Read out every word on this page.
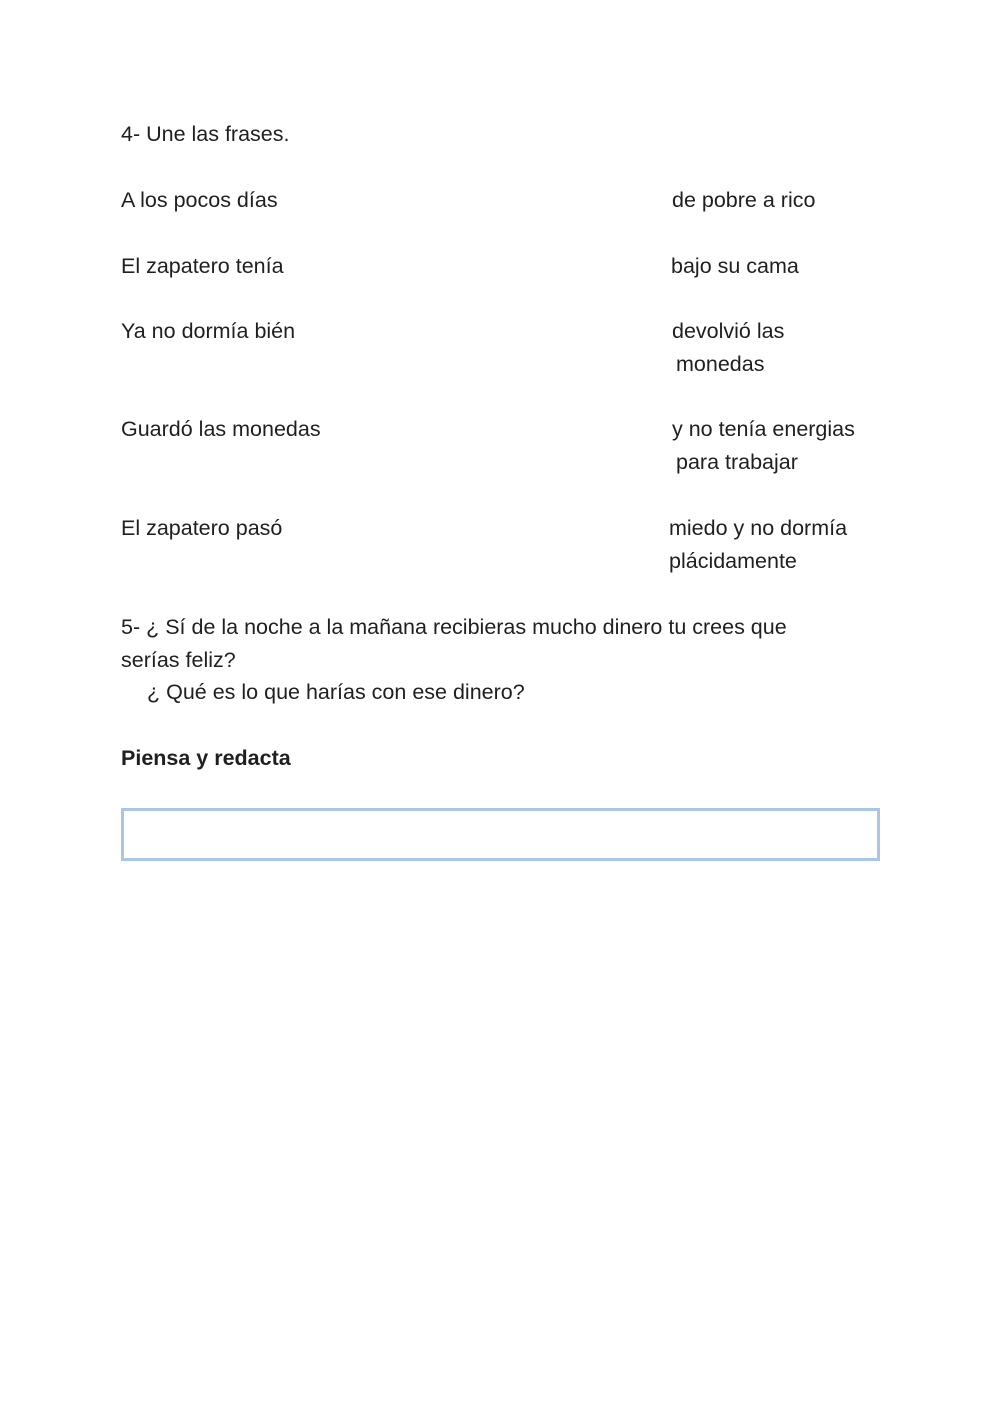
4- Une las frases.
A los pocos días
El zapatero tenía
Ya no dormía bién
Guardó las monedas
El zapatero pasó
de pobre a rico
bajo su cama
devolvió las
monedas
y no tenía energias
para trabajar
miedo y no dormía
plácidamente
5- ¿ Sí de la noche a la mañana recibieras mucho dinero tu crees que
serías feliz?
¿ Qué es lo que harías con ese dinero?
Piensa y redacta
